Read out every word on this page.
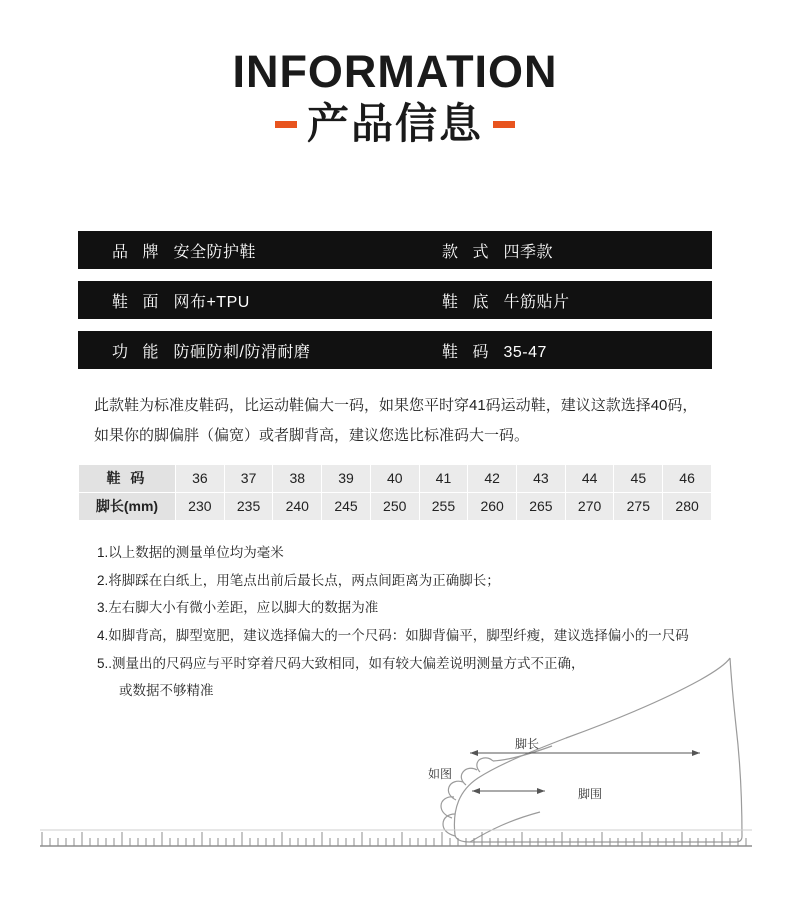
INFORMATION
产品信息
品 牌 安全防护鞋	款 式 四季款
鞋 面 网布+TPU	鞋 底 牛筋贴片
功 能 防砸防刺/防滑耐磨	鞋 码 35-47
此款鞋为标准皮鞋码，比运动鞋偏大一码，如果您平时穿41码运动鞋，建议这款选择40码，如果你的脚偏胖（偏宽）或者脚背高，建议您选比标准码大一码。
鞋 码	36	37	38	39	40	41	42	43	44	45	46
脚长(mm)	230	235	240	245	250	255	260	265	270	275	280
1.以上数据的测量单位均为毫米
2.将脚踩在白纸上，用笔点出前后最长点，两点间距离为正确脚长；
3.左右脚大小有微小差距，应以脚大的数据为准
4.如脚背高，脚型宽肥，建议选择偏大的一个尺码：如脚背偏平，脚型纤瘦，建议选择偏小的一尺码
5..测量出的尺码应与平时穿着尺码大致相同，如有较大偏差说明测量方式不正确，
或数据不够精准
脚长
脚围
如图
